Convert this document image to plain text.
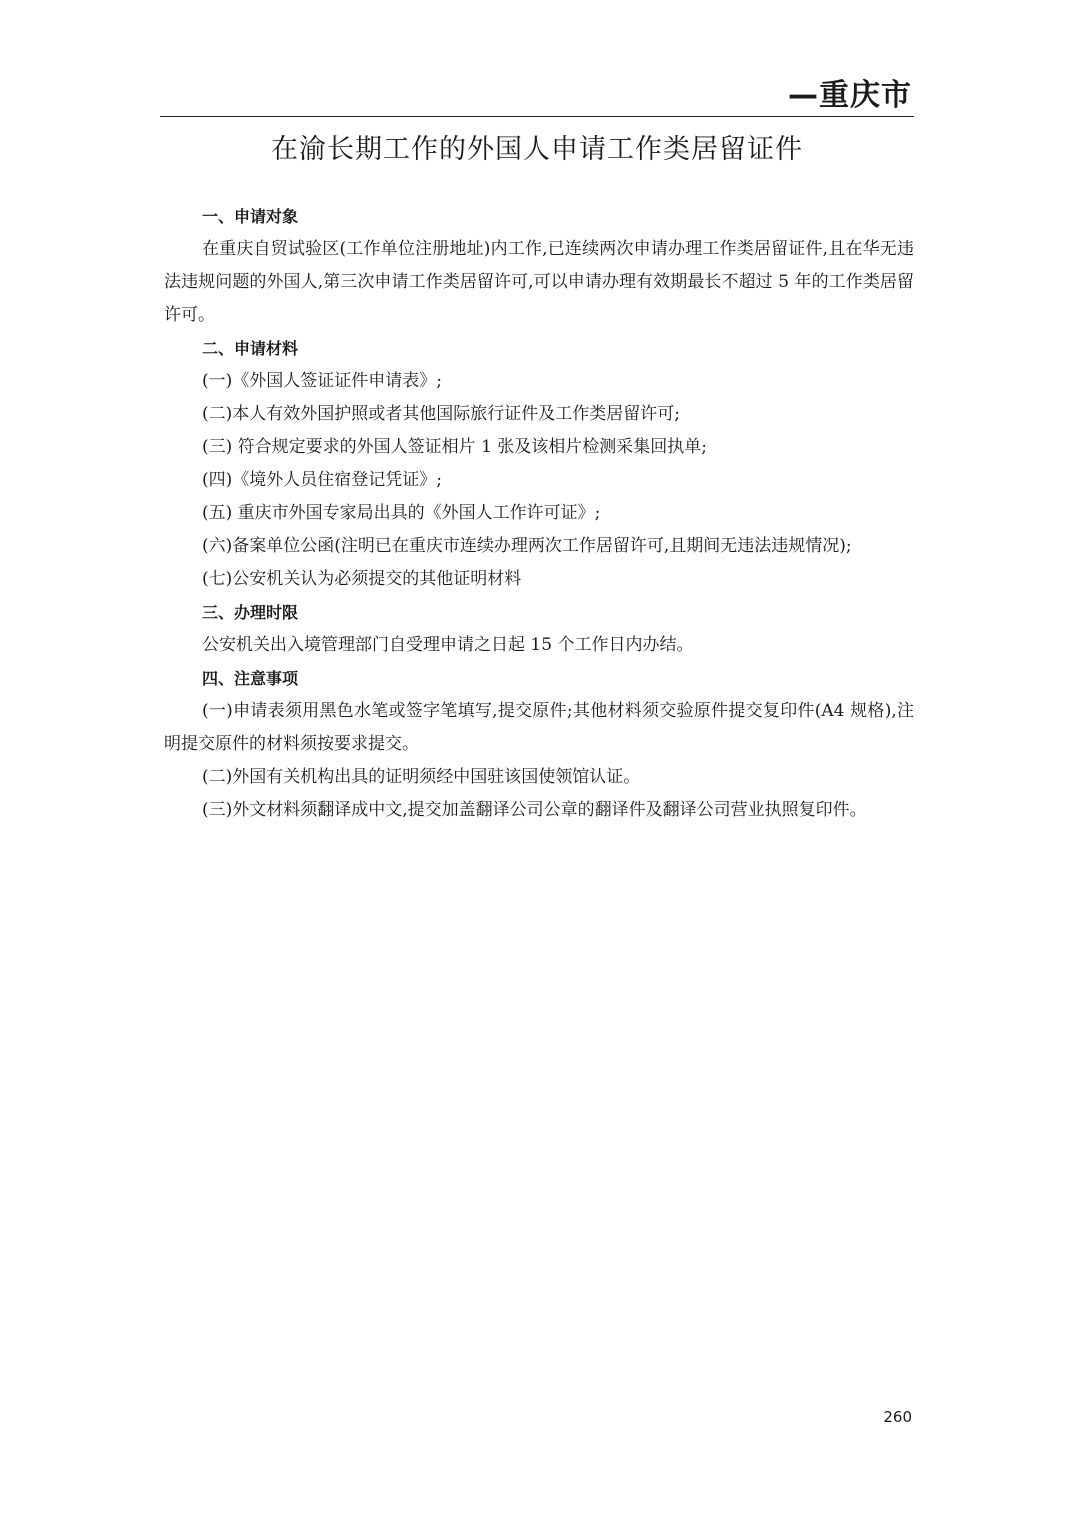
—重庆市
在渝长期工作的外国人申请工作类居留证件

一、申请对象

在重庆自贸试验区(工作单位注册地址)内工作,已连续两次申请办理工作类居留证件,且在华无违法违规问题的外国人,第三次申请工作类居留许可,可以申请办理有效期最长不超过 5 年的工作类居留许可。

二、申请材料

(一)《外国人签证证件申请表》;

(二)本人有效外国护照或者其他国际旅行证件及工作类居留许可;

(三) 符合规定要求的外国人签证相片 1 张及该相片检测采集回执单;

(四)《境外人员住宿登记凭证》;

(五) 重庆市外国专家局出具的《外国人工作许可证》;

(六)备案单位公函(注明已在重庆市连续办理两次工作居留许可,且期间无违法违规情况);

(七)公安机关认为必须提交的其他证明材料

三、办理时限

公安机关出入境管理部门自受理申请之日起 15 个工作日内办结。

四、注意事项

(一)申请表须用黑色水笔或签字笔填写,提交原件;其他材料须交验原件提交复印件(A4 规格),注明提交原件的材料须按要求提交。

(二)外国有关机构出具的证明须经中国驻该国使领馆认证。

(三)外文材料须翻译成中文,提交加盖翻译公司公章的翻译件及翻译公司营业执照复印件。

260
